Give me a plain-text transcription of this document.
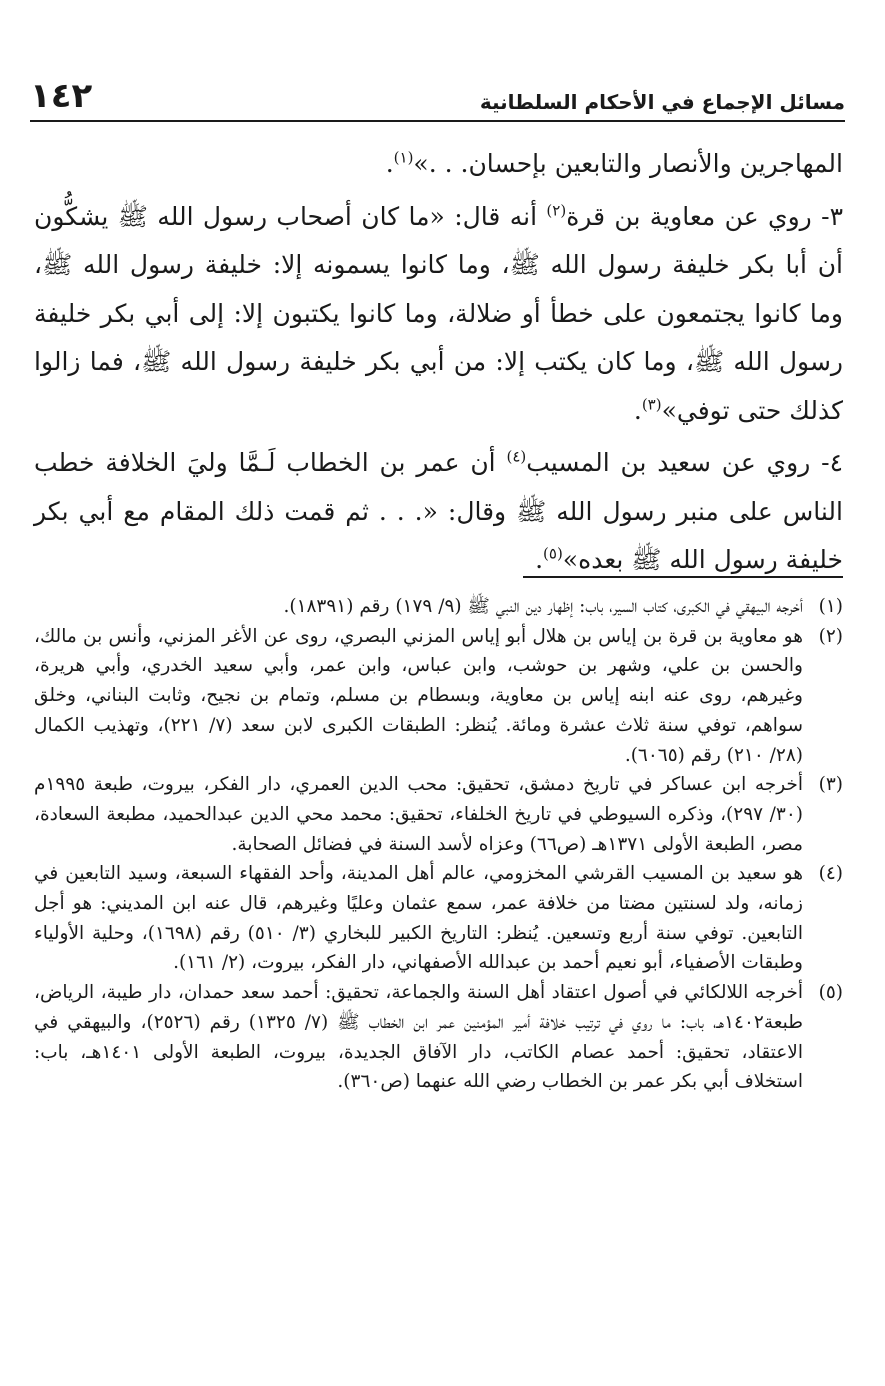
مسائل الإجماع في الأحكام السلطانية
١٤٢

المهاجرين والأنصار والتابعين بإحسان. . .»$^{(١)}$.

٣- روي عن معاوية بن قرة$^{(٢)}$ أنه قال: «ما كان أصحاب رسول الله ﷺ يشكُّون أن أبا بكر خليفة رسول الله ﷺ، وما كانوا يسمونه إلا: خليفة رسول الله ﷺ، وما كانوا يجتمعون على خطأ أو ضلالة، وما كانوا يكتبون إلا: إلى أبي بكر خليفة رسول الله ﷺ، وما كان يكتب إلا: من أبي بكر خليفة رسول الله ﷺ، فما زالوا كذلك حتى توفي»$^{(٣)}$.

٤- روي عن سعيد بن المسيب$^{(٤)}$ أن عمر بن الخطاب لَـمَّا وليَ الخلافة خطب الناس على منبر رسول الله ﷺ وقال: «. . . ثم قمت ذلك المقام مع أبي بكر خليفة رسول الله ﷺ بعده»$^{(٥)}$.

(١)
أخرجه البيهقي في الكبرى، كتاب السير، باب: إظهار دين النبي ﷺ (٩/ ١٧٩) رقم (١٨٣٩١).
(٢)
هو معاوية بن قرة بن إياس بن هلال أبو إياس المزني البصري، روى عن الأغر المزني، وأنس بن مالك، والحسن بن علي، وشهر بن حوشب، وابن عباس، وابن عمر، وأبي سعيد الخدري، وأبي هريرة، وغيرهم، روى عنه ابنه إياس بن معاوية، وبسطام بن مسلم، وتمام بن نجيح، وثابت البناني، وخلق سواهم، توفي سنة ثلاث عشرة ومائة. يُنظر: الطبقات الكبرى لابن سعد (٧/ ٢٢١)، وتهذيب الكمال (٢٨/ ٢١٠) رقم (٦٠٦٥).
(٣)
أخرجه ابن عساكر في تاريخ دمشق، تحقيق: محب الدين العمري، دار الفكر، بيروت، طبعة ١٩٩٥م (٣٠/ ٢٩٧)، وذكره السيوطي في تاريخ الخلفاء، تحقيق: محمد محي الدين عبدالحميد، مطبعة السعادة، مصر، الطبعة الأولى ١٣٧١هـ (ص٦٦) وعزاه لأسد السنة في فضائل الصحابة.
(٤)
هو سعيد بن المسيب القرشي المخزومي، عالم أهل المدينة، وأحد الفقهاء السبعة، وسيد التابعين في زمانه، ولد لسنتين مضتا من خلافة عمر، سمع عثمان وعليًا وغيرهم، قال عنه ابن المديني: هو أجل التابعين. توفي سنة أربع وتسعين. يُنظر: التاريخ الكبير للبخاري (٣/ ٥١٠) رقم (١٦٩٨)، وحلية الأولياء وطبقات الأصفياء، أبو نعيم أحمد بن عبدالله الأصفهاني، دار الفكر، بيروت، (٢/ ١٦١).
(٥)
أخرجه اللالكائي في أصول اعتقاد أهل السنة والجماعة، تحقيق: أحمد سعد حمدان، دار طيبة، الرياض، طبعة١٤٠٢هـ، باب: ما روي في ترتيب خلافة أمير المؤمنين عمر ابن الخطاب ﷺ (٧/ ١٣٢٥) رقم (٢٥٢٦)، والبيهقي في الاعتقاد، تحقيق: أحمد عصام الكاتب، دار الآفاق الجديدة، بيروت، الطبعة الأولى ١٤٠١هـ، باب: استخلاف أبي بكر عمر بن الخطاب رضي الله عنهما (ص٣٦٠).
